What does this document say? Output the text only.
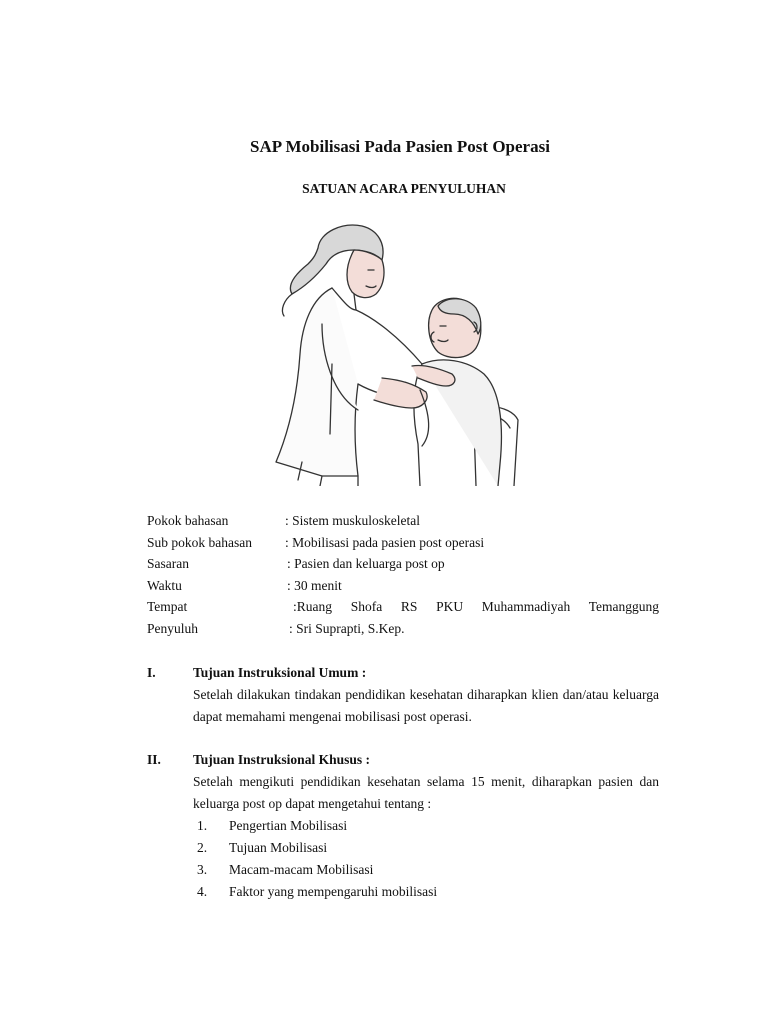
SAP Mobilisasi Pada Pasien Post Operasi
SATUAN ACARA PENYULUHAN
Pokok bahasan	: Sistem muskuloskeletal
Sub pokok bahasan : Mobilisasi pada pasien post operasi
Sasaran	: Pasien dan keluarga post op
Waktu	: 30 menit
Tempat	:Ruang Shofa RS PKU Muhammadiyah Temanggung
Penyuluh	: Sri Suprapti, S.Kep.
I.	Tujuan Instruksional Umum :
Setelah dilakukan tindakan pendidikan kesehatan diharapkan klien dan/atau keluarga dapat memahami mengenai mobilisasi post operasi.
II. Tujuan Instruksional Khusus :
Setelah mengikuti pendidikan kesehatan selama 15 menit, diharapkan pasien dan keluarga post op dapat mengetahui tentang :
1. Pengertian Mobilisasi
2. Tujuan Mobilisasi
3. Macam-macam Mobilisasi
4. Faktor yang mempengaruhi mobilisasi
